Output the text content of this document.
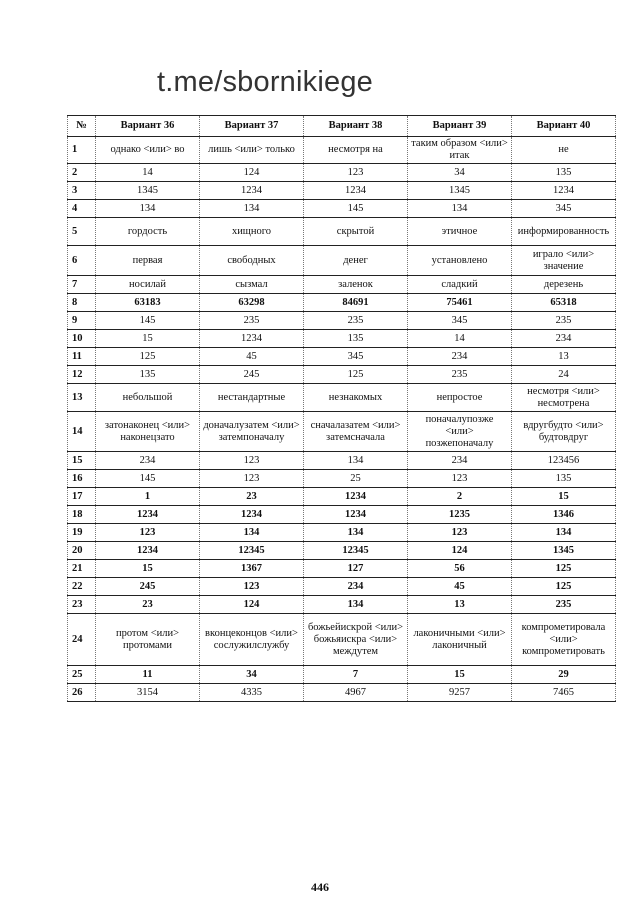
t.me/sbornikiege
№	Вариант 36	Вариант 37	Вариант 38	Вариант 39	Вариант 40
1	однако <или> во	лишь <или> только	несмотря на	таким образом <или> итак	не
2	14	124	123	34	135
3	1345	1234	1234	1345	1234
4	134	134	145	134	345
5	гордость	хищного	скрытой	этичное	информированность
6	первая	свободных	денег	установлено	играло <или> значение
7	носилай	сызмал	заленок	сладкий	дерезень
8	63183	63298	84691	75461	65318
9	145	235	235	345	235
10	15	1234	135	14	234
11	125	45	345	234	13
12	135	245	125	235	24
13	небольшой	нестандартные	незнакомых	непростое	несмотря <или> несмотрена
14	затонаконец <или> наконецзато	доначалузатем <или> затемпоначалу	сначалазатем <или> затемсначала	поначалупозже <или> позжепоначалу	вдругбудто <или> будтовдруг
15	234	123	134	234	123456
16	145	123	25	123	135
17	1	23	1234	2	15
18	1234	1234	1234	1235	1346
19	123	134	134	123	134
20	1234	12345	12345	124	1345
21	15	1367	127	56	125
22	245	123	234	45	125
23	23	124	134	13	235
24	протом <или> протомами	вконцеконцов <или> сослужилслужбу	божьейискрой <или> божьяискра <или> междутем	лаконичными <или> лаконичный	компрометировала <или> компрометировать
25	11	34	7	15	29
26	3154	4335	4967	9257	7465
446
